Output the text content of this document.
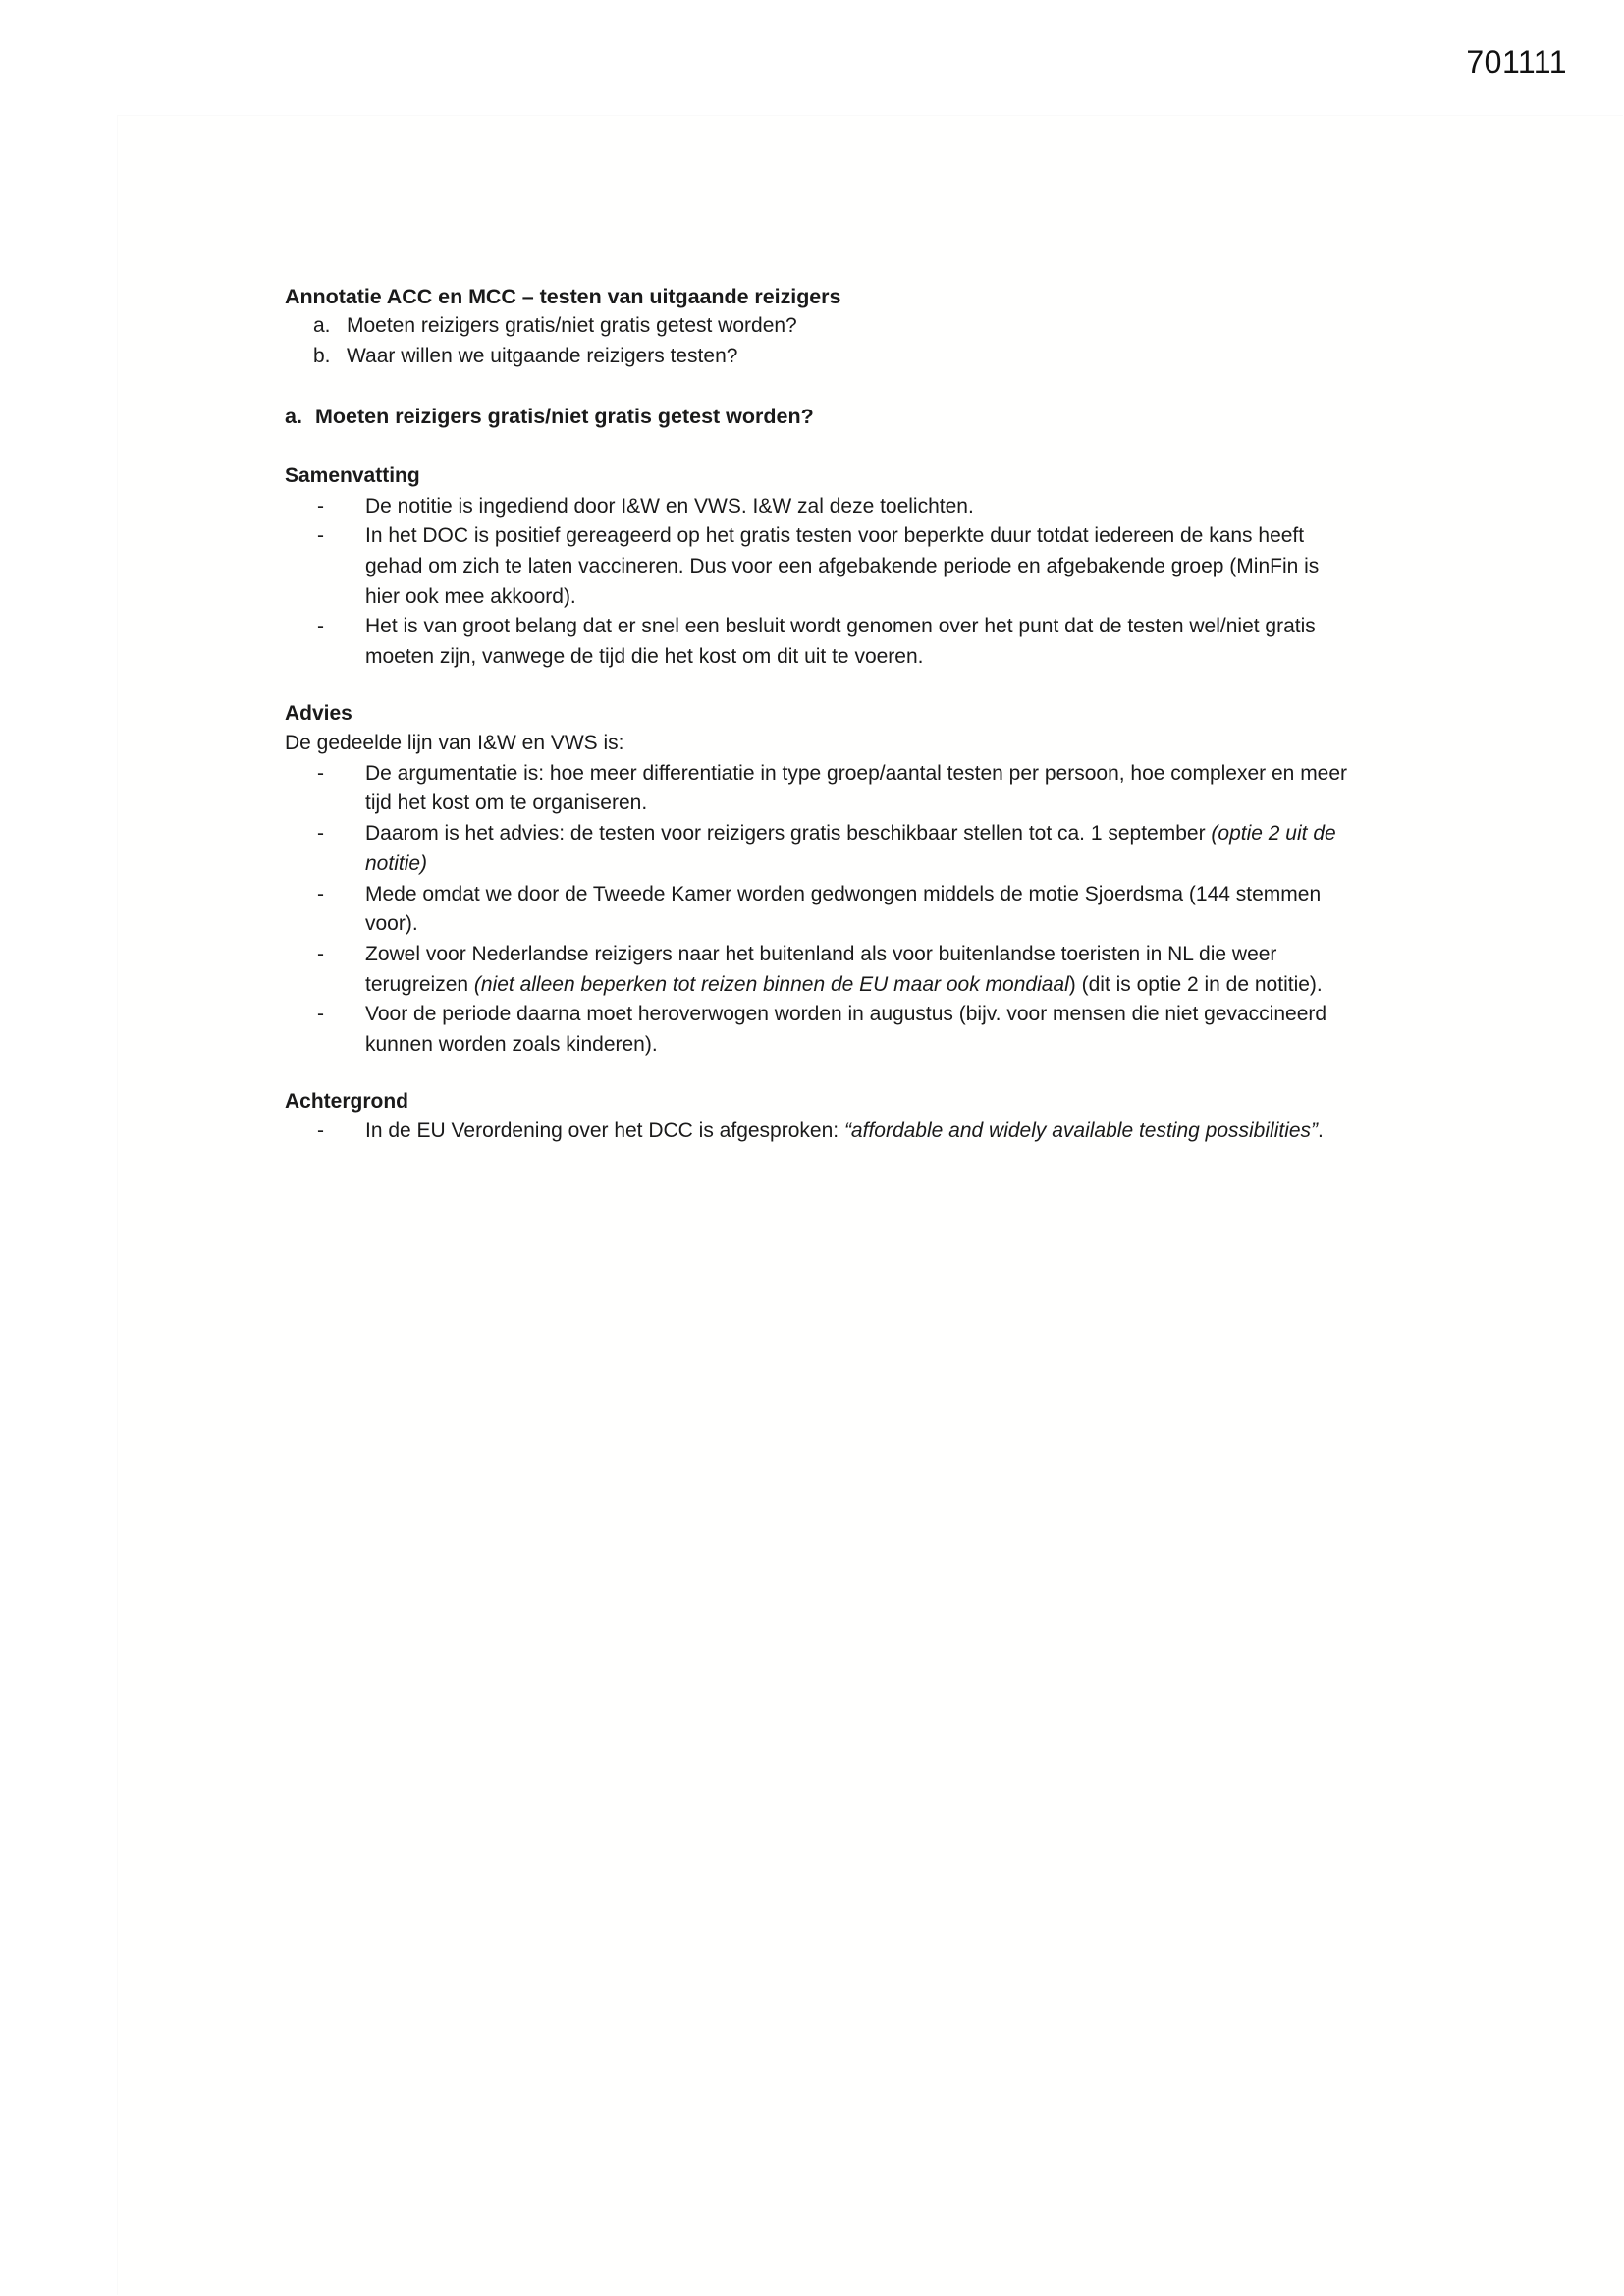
701111
Annotatie ACC en MCC – testen van uitgaande reizigers
a. Moeten reizigers gratis/niet gratis getest worden?
b. Waar willen we uitgaande reizigers testen?
a. Moeten reizigers gratis/niet gratis getest worden?
Samenvatting
- De notitie is ingediend door I&W en VWS. I&W zal deze toelichten.
- In het DOC is positief gereageerd op het gratis testen voor beperkte duur totdat iedereen de kans heeft gehad om zich te laten vaccineren. Dus voor een afgebakende periode en afgebakende groep (MinFin is hier ook mee akkoord).
- Het is van groot belang dat er snel een besluit wordt genomen over het punt dat de testen wel/niet gratis moeten zijn, vanwege de tijd die het kost om dit uit te voeren.
Advies
De gedeelde lijn van I&W en VWS is:
- De argumentatie is: hoe meer differentiatie in type groep/aantal testen per persoon, hoe complexer en meer tijd het kost om te organiseren.
- Daarom is het advies: de testen voor reizigers gratis beschikbaar stellen tot ca. 1 september (optie 2 uit de notitie)
- Mede omdat we door de Tweede Kamer worden gedwongen middels de motie Sjoerdsma (144 stemmen voor).
- Zowel voor Nederlandse reizigers naar het buitenland als voor buitenlandse toeristen in NL die weer terugreizen (niet alleen beperken tot reizen binnen de EU maar ook mondiaal) (dit is optie 2 in de notitie).
- Voor de periode daarna moet heroverwogen worden in augustus (bijv. voor mensen die niet gevaccineerd kunnen worden zoals kinderen).
Achtergrond
- In de EU Verordening over het DCC is afgesproken: “affordable and widely available testing possibilities”.
